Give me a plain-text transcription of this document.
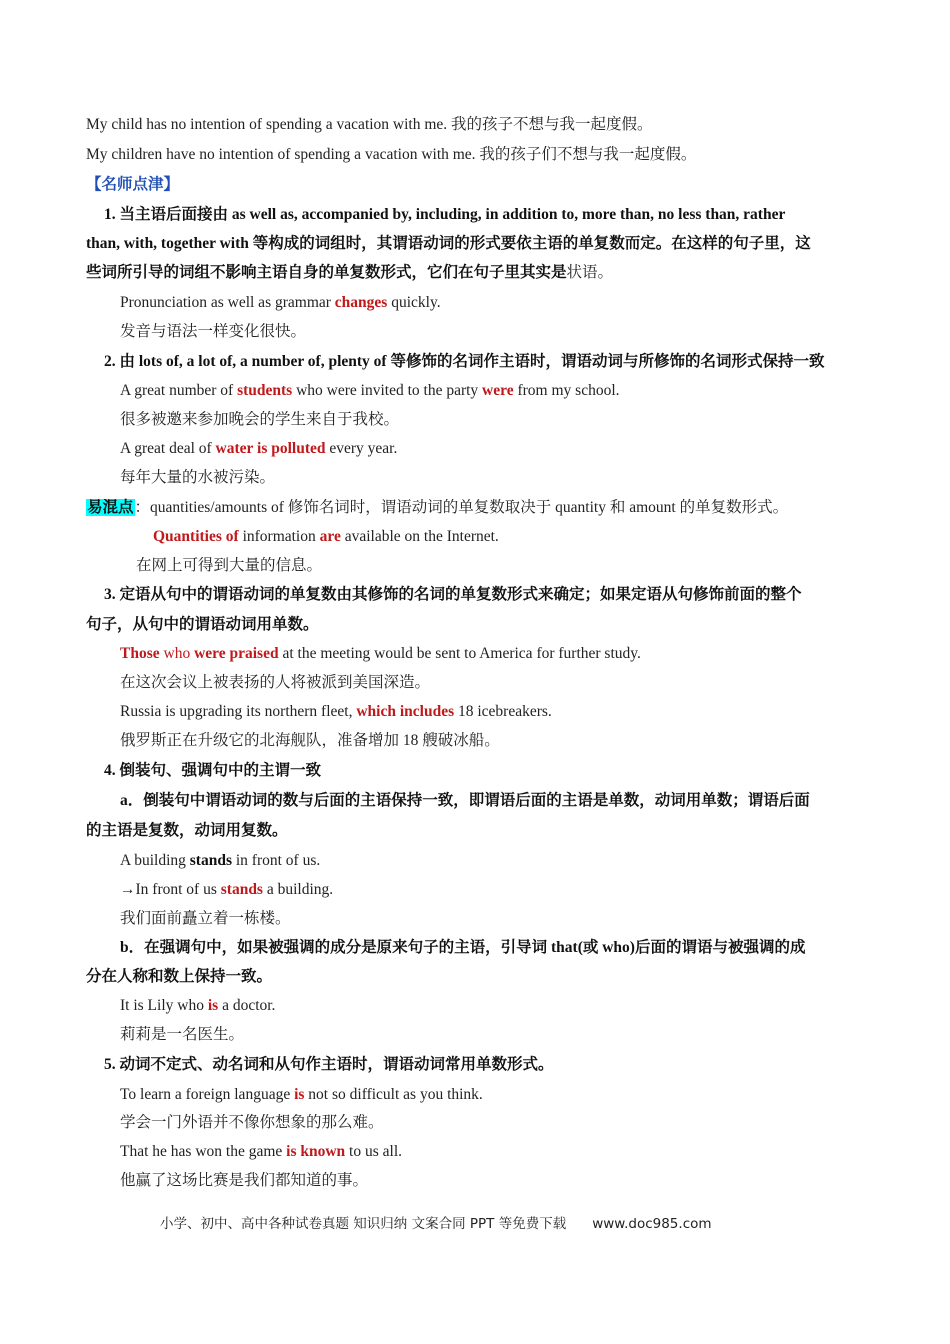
My child has no intention of spending a vacation with me. 我的孩子不想与我一起度假。
My children have no intention of spending a vacation with me. 我的孩子们不想与我一起度假。
【名师点津】
1. 当主语后面接由 as well as, accompanied by, including, in addition to, more than, no less than, rather
than, with, together with 等构成的词组时，其谓语动词的形式要依主语的单复数而定。在这样的句子里，这
些词所引导的词组不影响主语自身的单复数形式，它们在句子里其实是状语。
Pronunciation as well as grammar changes quickly.
发音与语法一样变化很快。
2. 由 lots of, a lot of, a number of, plenty of 等修饰的名词作主语时，谓语动词与所修饰的名词形式保持一致
A great number of students who were invited to the party were from my school.
很多被邀来参加晚会的学生来自于我校。
A great deal of water is polluted every year.
每年大量的水被污染。
易混点：quantities/amounts of 修饰名词时，谓语动词的单复数取决于 quantity 和 amount 的单复数形式。
Quantities of information are available on the Internet.
在网上可得到大量的信息。
3. 定语从句中的谓语动词的单复数由其修饰的名词的单复数形式来确定；如果定语从句修饰前面的整个
句子，从句中的谓语动词用单数。
Those who were praised at the meeting would be sent to America for further study.
在这次会议上被表扬的人将被派到美国深造。
Russia is upgrading its northern fleet, which includes 18 icebreakers.
俄罗斯正在升级它的北海舰队，准备增加 18 艘破冰船。
4. 倒装句、强调句中的主谓一致
a．倒装句中谓语动词的数与后面的主语保持一致，即谓语后面的主语是单数，动词用单数；谓语后面
的主语是复数，动词用复数。
A building stands in front of us.
→In front of us stands a building.
我们面前矗立着一栋楼。
b．在强调句中，如果被强调的成分是原来句子的主语，引导词 that(或 who)后面的谓语与被强调的成
分在人称和数上保持一致。
It is Lily who is a doctor.
莉莉是一名医生。
5. 动词不定式、动名词和从句作主语时，谓语动词常用单数形式。
To learn a foreign language is not so difficult as you think.
学会一门外语并不像你想象的那么难。
That he has won the game is known to us all.
他赢了这场比赛是我们都知道的事。
小学、初中、高中各种试卷真题 知识归纳 文案合同 PPT 等免费下载 www.doc985.com
